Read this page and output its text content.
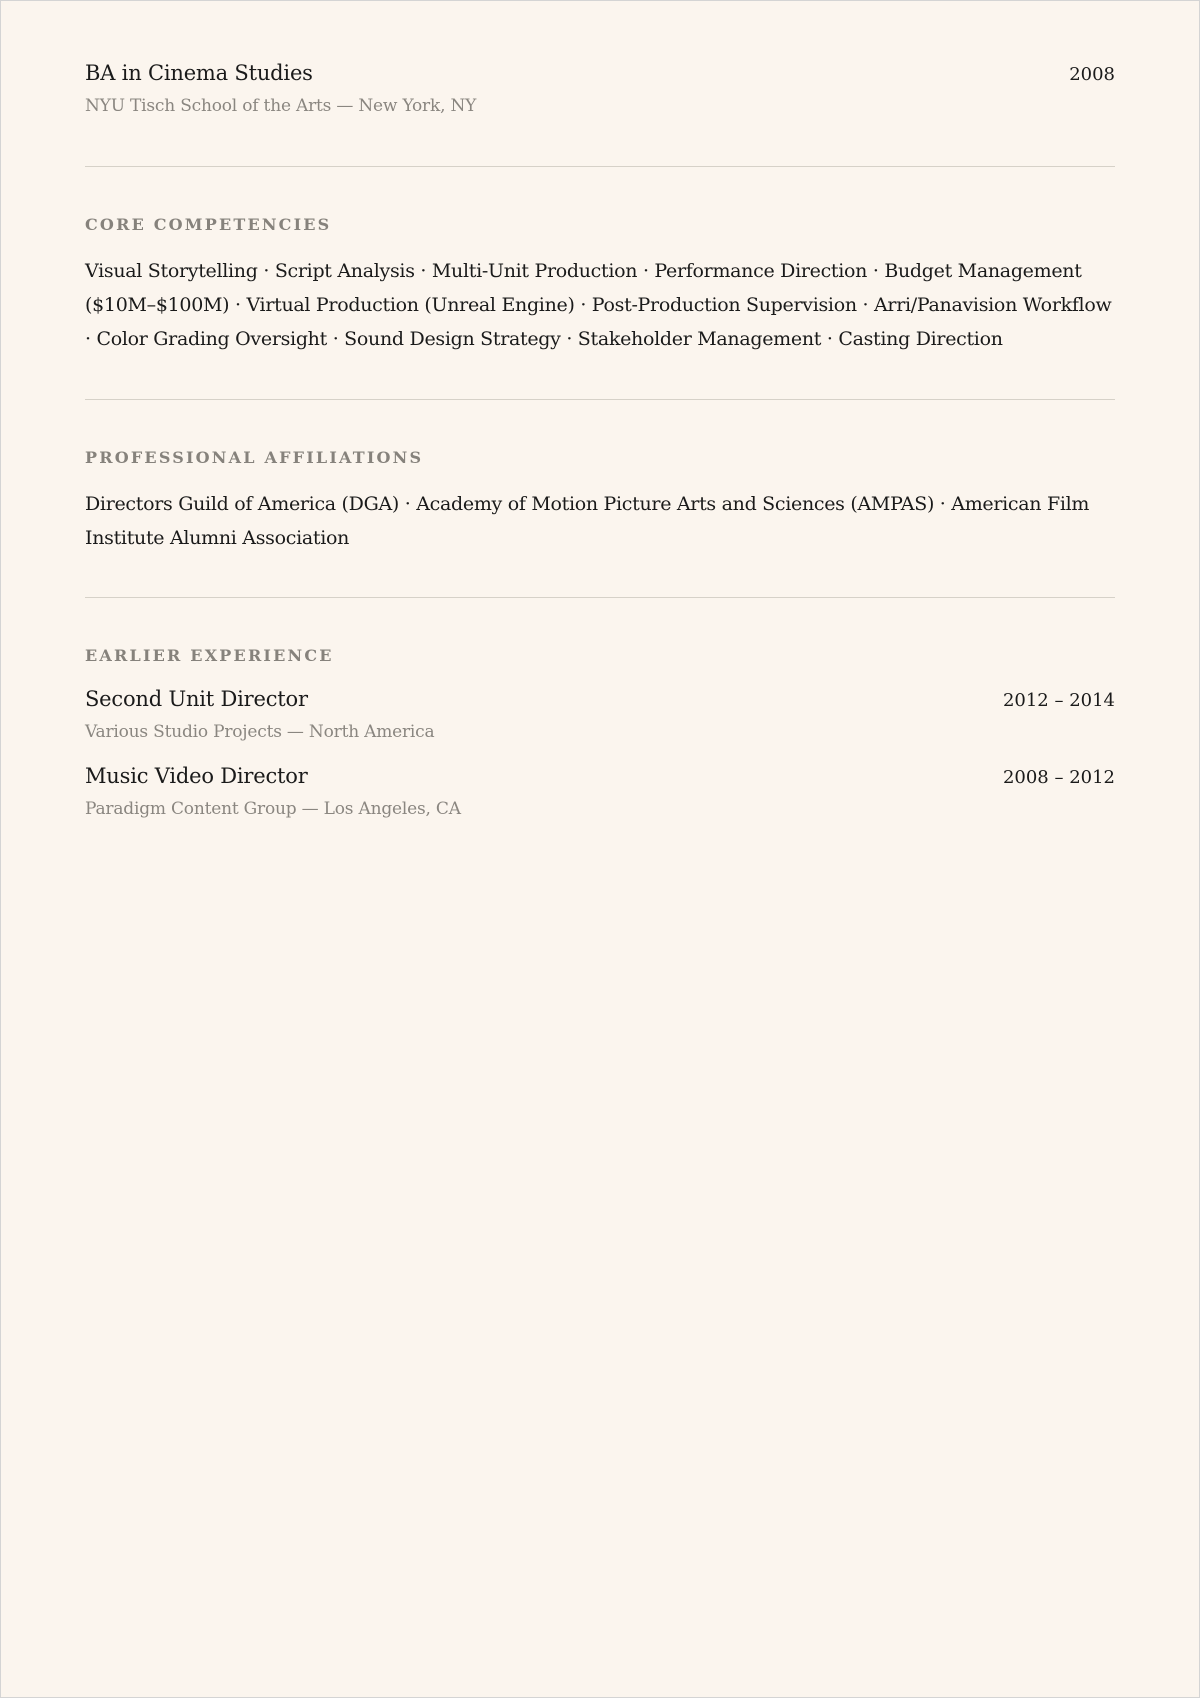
BA in Cinema Studies	2008
NYU Tisch School of the Arts — New York, NY
CORE COMPETENCIES
Visual Storytelling · Script Analysis · Multi-Unit Production · Performance Direction · Budget Management ($10M–$100M) · Virtual Production (Unreal Engine) · Post-Production Supervision · Arri/Panavision Workflow · Color Grading Oversight · Sound Design Strategy · Stakeholder Management · Casting Direction
PROFESSIONAL AFFILIATIONS
Directors Guild of America (DGA) · Academy of Motion Picture Arts and Sciences (AMPAS) · American Film Institute Alumni Association
EARLIER EXPERIENCE
Second Unit Director	2012 – 2014
Various Studio Projects — North America
Music Video Director	2008 – 2012
Paradigm Content Group — Los Angeles, CA
